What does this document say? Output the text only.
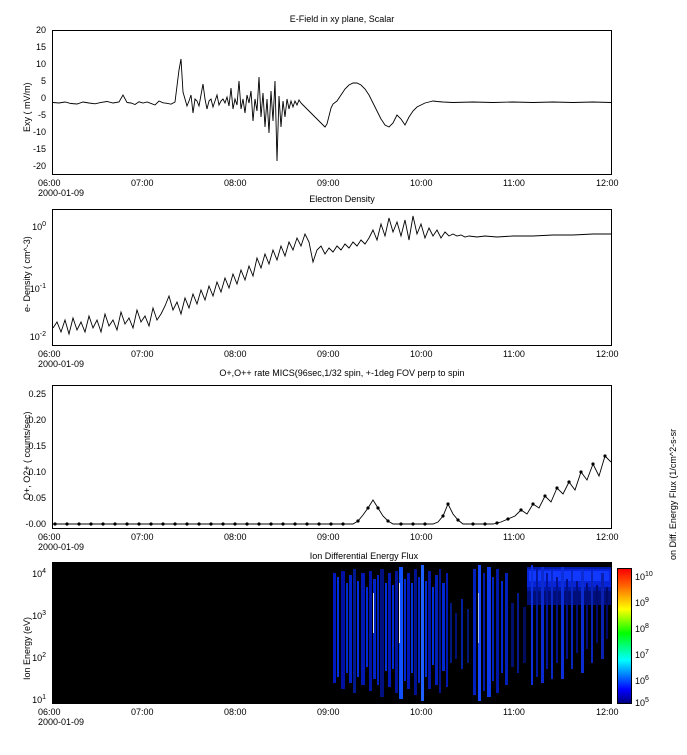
E-Field in xy plane, Scalar
Exy ( mV/m)
20
15
10
5
0
-5
-10
-15
-20
06:00	07:00	08:00	09:00	10:00	11:00	12:00
2000-01-09
Electron Density
e- Density ( cm^-3)
$10^0$
$10^{-1}$
$10^{-2}$
06:00	07:00	08:00	09:00	10:00	11:00	12:00
2000-01-09
O+,O++ rate MICS(96sec,1/32 spin, +-1deg FOV perp to spin
O+, O2+ ( counts/sec)
0.25
0.20
0.15
0.10
0.05
-0.00
06:00	07:00	08:00	09:00	10:00	11:00	12:00
2000-01-09
Ion Differential Energy Flux
Ion Energy (eV)
$10^4$
$10^3$
$10^2$
$10^1$
06:00	07:00	08:00	09:00	10:00	11:00	12:00
2000-01-09
$10^{10}$
$10^9$
$10^8$
$10^7$
$10^6$
$10^5$
on Diff. Energy Flux (1/cm^2-s-sr
